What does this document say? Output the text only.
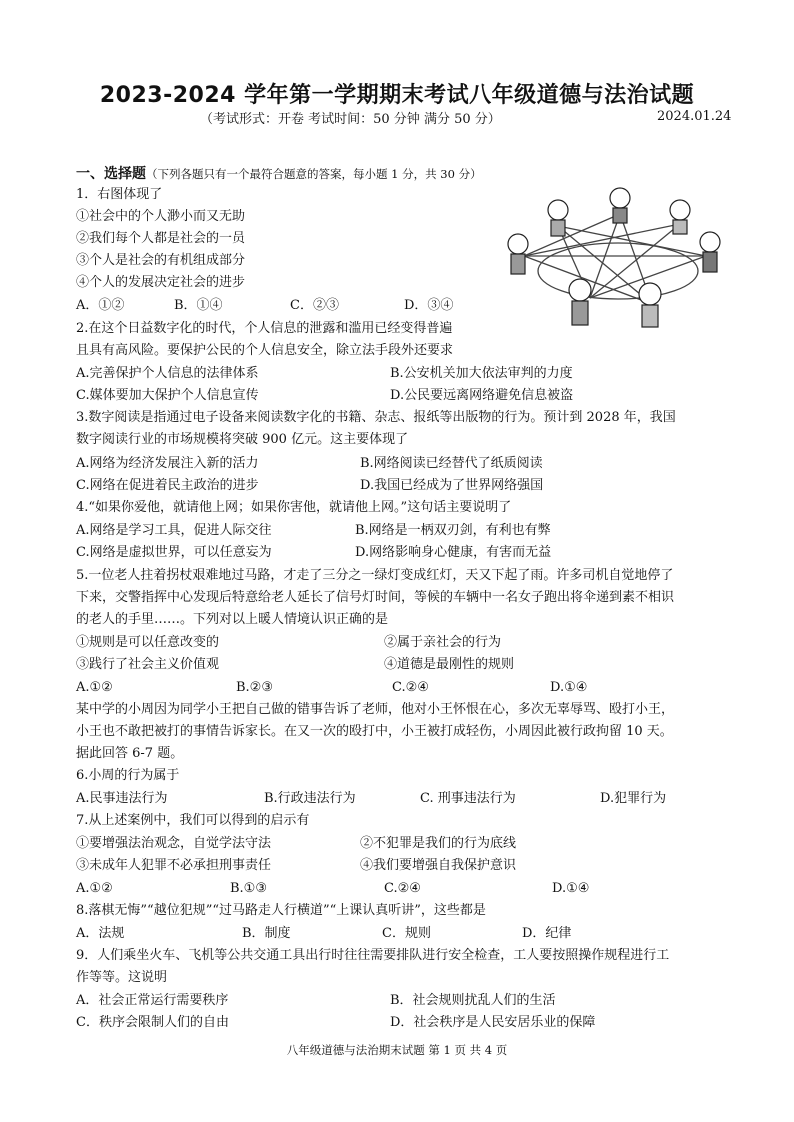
2023-2024 学年第一学期期末考试八年级道德与法治试题
（考试形式：开卷 考试时间：50 分钟 满分 50 分）	2024.01.24
一、选择题（下列各题只有一个最符合题意的答案，每小题 1 分，共 30 分）
1．右图体现了
①社会中的个人渺小而又无助
②我们每个人都是社会的一员
③个人是社会的有机组成部分
④个人的发展决定社会的进步
A．①②	B．①④	C．②③	D．③④
2.在这个日益数字化的时代，个人信息的泄露和滥用已经变得普遍
且具有高风险。要保护公民的个人信息安全，除立法手段外还要求
A.完善保护个人信息的法律体系	B.公安机关加大依法审判的力度
C.媒体要加大保护个人信息宣传	D.公民要远离网络避免信息被盗
3.数字阅读是指通过电子设备来阅读数字化的书籍、杂志、报纸等出版物的行为。预计到 2028 年，我国
数字阅读行业的市场规模将突破 900 亿元。这主要体现了
A.网络为经济发展注入新的活力	B.网络阅读已经替代了纸质阅读
C.网络在促进着民主政治的进步	D.我国已经成为了世界网络强国
4.“如果你爱他，就请他上网；如果你害他，就请他上网。”这句话主要说明了
A.网络是学习工具，促进人际交往	B.网络是一柄双刃剑，有利也有弊
C.网络是虚拟世界，可以任意妄为	D.网络影响身心健康，有害而无益
5.一位老人拄着拐杖艰难地过马路，才走了三分之一绿灯变成红灯，天又下起了雨。许多司机自觉地停了
下来，交警指挥中心发现后特意给老人延长了信号灯时间，等候的车辆中一名女子跑出将伞递到素不相识
的老人的手里……。下列对以上暖人情境认识正确的是
①规则是可以任意改变的	②属于亲社会的行为
③践行了社会主义价值观	④道德是最刚性的规则
A.①②	B.②③	C.②④	D.①④
某中学的小周因为同学小王把自己做的错事告诉了老师，他对小王怀恨在心，多次无辜辱骂、殴打小王，
小王也不敢把被打的事情告诉家长。在又一次的殴打中，小王被打成轻伤，小周因此被行政拘留 10 天。
据此回答 6-7 题。
6.小周的行为属于
A.民事违法行为	B.行政违法行为	C. 刑事违法行为	D.犯罪行为
7.从上述案例中，我们可以得到的启示有
①要增强法治观念，自觉学法守法	②不犯罪是我们的行为底线
③未成年人犯罪不必承担刑事责任	④我们要增强自我保护意识
A.①②	B.①③	C.②④	D.①④
8.落棋无悔”“越位犯规”“过马路走人行横道”“上课认真听讲”，这些都是
A．法规	B．制度	C．规则	D．纪律
9．人们乘坐火车、飞机等公共交通工具出行时往往需要排队进行安全检查，工人要按照操作规程进行工
作等等。这说明
A．社会正常运行需要秩序	B．社会规则扰乱人们的生活
C．秩序会限制人们的自由	D．社会秩序是人民安居乐业的保障
八年级道德与法治期末试题 第 1 页 共 4 页
